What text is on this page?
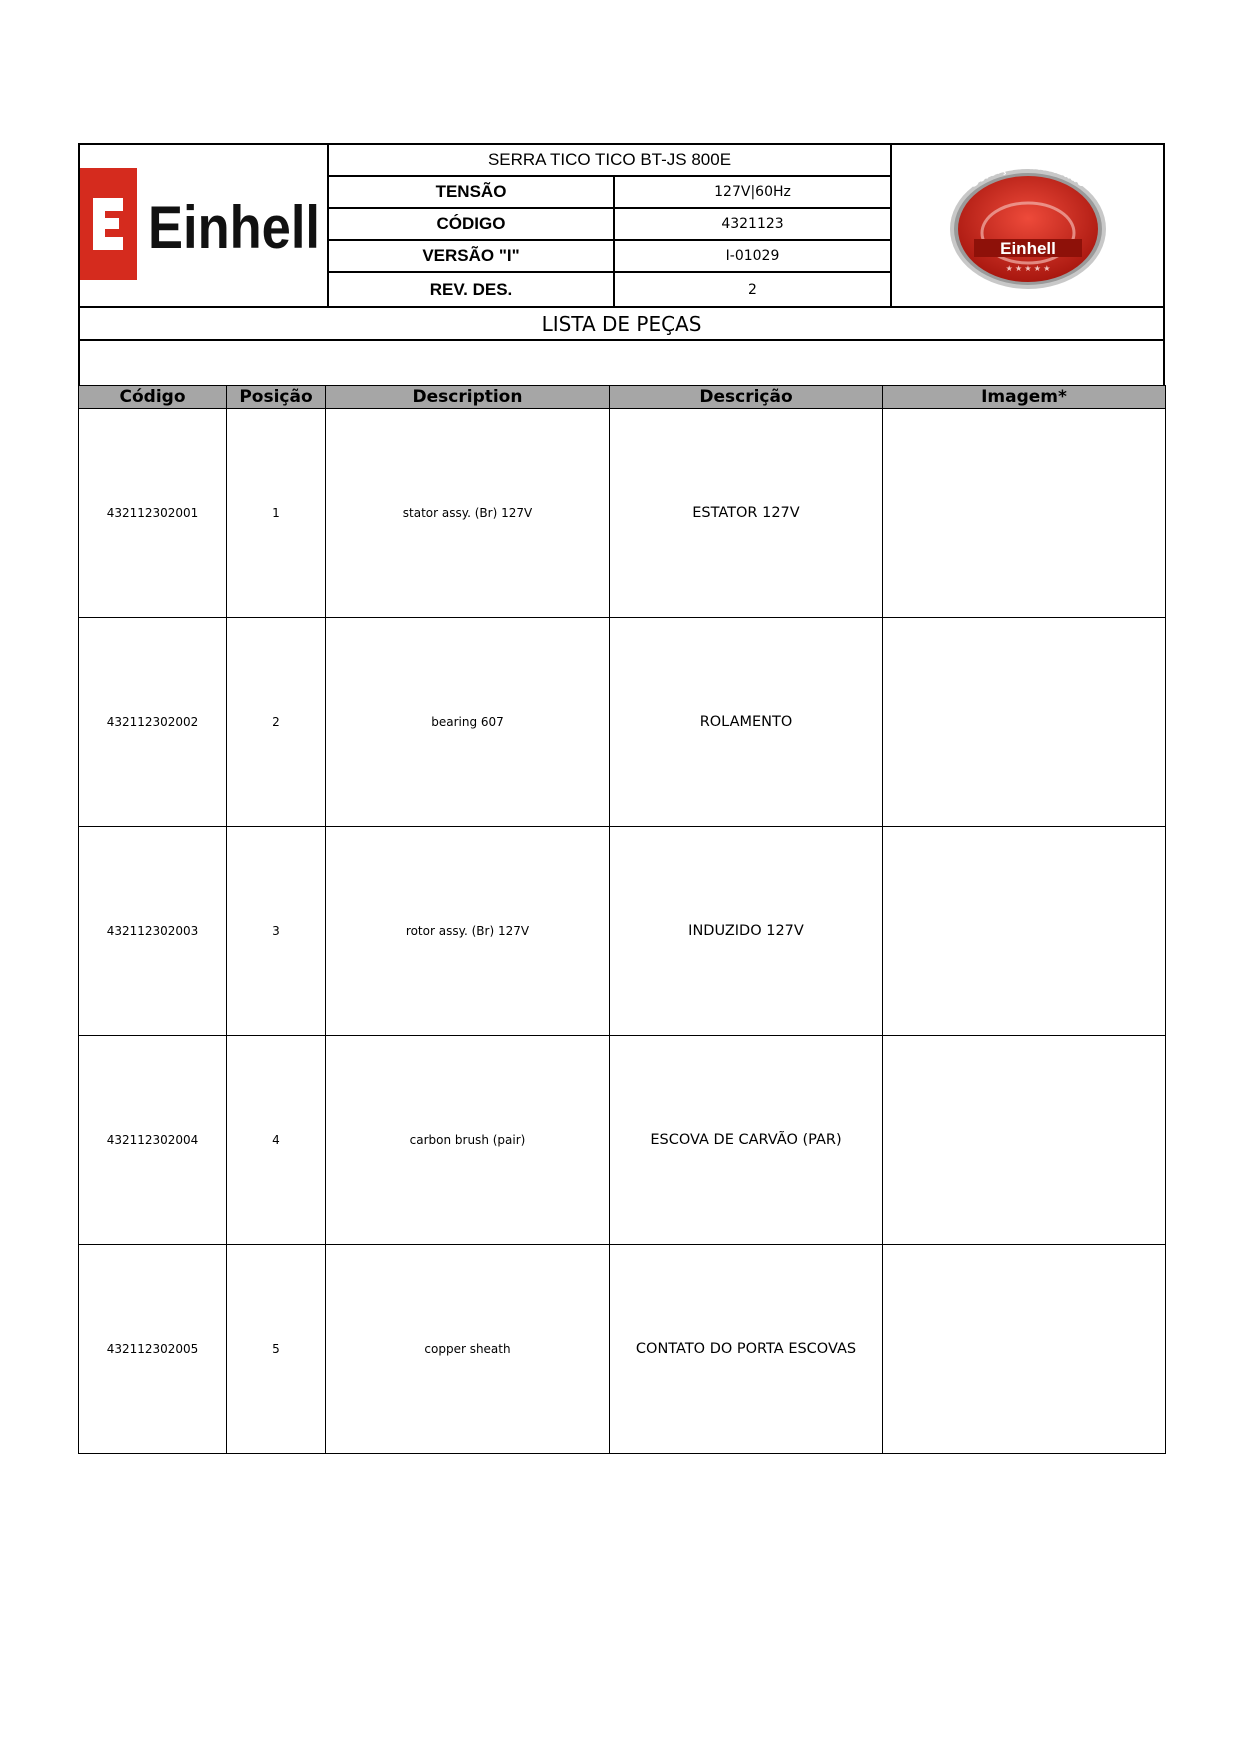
Einhell
SERRA TICO TICO BT-JS 800E
TENSÃO	127V|60Hz
CÓDIGO	4321123
VERSÃO "I"	I-01029
REV. DES.	2
Einhell
Serviço Autorizado
★ ★ ★ ★ ★
LISTA DE PEÇAS
Código	Posição	Description	Descrição	Imagem*
432112302001	1	stator assy. (Br) 127V	ESTATOR 127V	
432112302002	2	bearing 607	ROLAMENTO	
432112302003	3	rotor assy. (Br) 127V	INDUZIDO 127V	
432112302004	4	carbon brush (pair)	ESCOVA DE CARVÃO (PAR)	
432112302005	5	copper sheath	CONTATO DO PORTA ESCOVAS	
